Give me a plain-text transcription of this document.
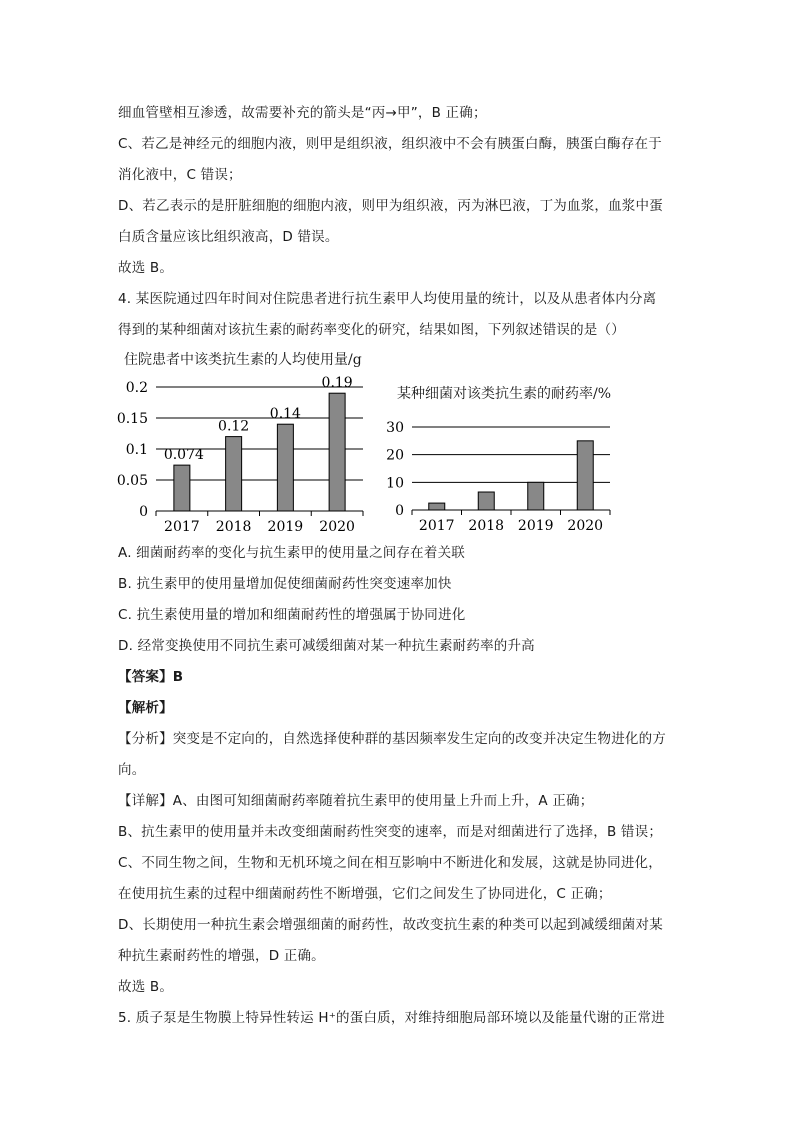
细血管壁相互渗透，故需要补充的箭头是“丙→甲”，B 正确；
C、若乙是神经元的细胞内液，则甲是组织液，组织液中不会有胰蛋白酶，胰蛋白酶存在于
消化液中，C 错误；
D、若乙表示的是肝脏细胞的细胞内液，则甲为组织液，丙为淋巴液，丁为血浆，血浆中蛋
白质含量应该比组织液高，D 错误。
故选 B。
4. 某医院通过四年时间对住院患者进行抗生素甲人均使用量的统计，以及从患者体内分离
得到的某种细菌对该抗生素的耐药率变化的研究，结果如图，下列叙述错误的是（）
住院患者中该类抗生素的人均使用量/g
0
0.05
0.1
0.15
0.2
2017
0.074
2018
0.12
2019
0.14
2020
0.19
某种细菌对该类抗生素的耐药率/%
0
10
20
30
2017 2018 2019 2020
A. 细菌耐药率的变化与抗生素甲的使用量之间存在着关联
B. 抗生素甲的使用量增加促使细菌耐药性突变速率加快
C. 抗生素使用量的增加和细菌耐药性的增强属于协同进化
D. 经常变换使用不同抗生素可减缓细菌对某一种抗生素耐药率的升高
【答案】B
【解析】
【分析】突变是不定向的，自然选择使种群的基因频率发生定向的改变并决定生物进化的方
向。
【详解】A、由图可知细菌耐药率随着抗生素甲的使用量上升而上升，A 正确；
B、抗生素甲的使用量并未改变细菌耐药性突变的速率，而是对细菌进行了选择，B 错误；
C、不同生物之间，生物和无机环境之间在相互影响中不断进化和发展，这就是协同进化，
在使用抗生素的过程中细菌耐药性不断增强，它们之间发生了协同进化，C 正确；
D、长期使用一种抗生素会增强细菌的耐药性，故改变抗生素的种类可以起到减缓细菌对某
种抗生素耐药性的增强，D 正确。
故选 B。
5. 质子泵是生物膜上特异性转运 H⁺的蛋白质，对维持细胞局部环境以及能量代谢的正常进
